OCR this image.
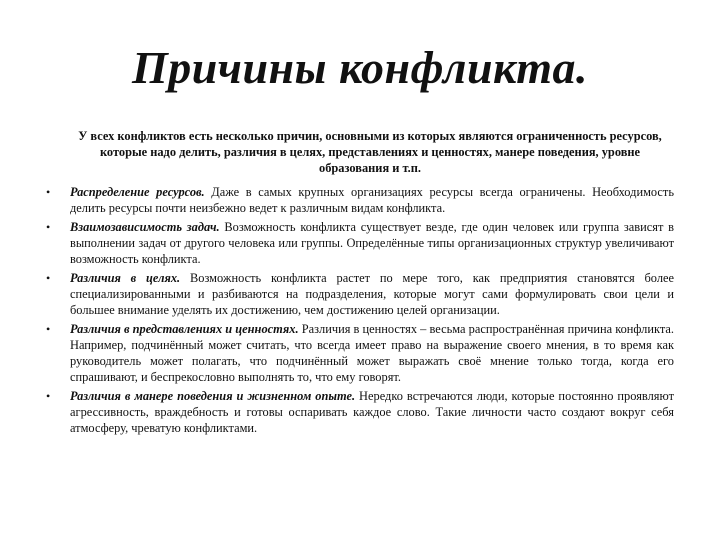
Причины конфликта.
У всех конфликтов есть несколько причин, основными из которых являются ограниченность ресурсов, которые надо делить, различия в целях, представлениях и ценностях, манере поведения, уровне образования и т.п.
•	Распределение ресурсов. Даже в самых крупных организациях ресурсы всегда ограничены. Необходимость делить ресурсы почти неизбежно ведет к различным видам конфликта.
•	Взаимозависимость задач. Возможность конфликта существует везде, где один человек или группа зависят в выполнении задач от другого человека или группы. Определённые типы организационных структур увеличивают возможность конфликта.
•	Различия в целях. Возможность конфликта растет по мере того, как предприятия становятся более специализированными и разбиваются на подразделения, которые могут сами формулировать свои цели и большее внимание уделять их достижению, чем достижению целей организации.
•	Различия в представлениях и ценностях. Различия в ценностях – весьма распространённая причина конфликта. Например, подчинённый может считать, что всегда имеет право на выражение своего мнения, в то время как руководитель может полагать, что подчинённый может выражать своё мнение только тогда, когда его спрашивают, и беспрекословно выполнять то, что ему говорят.
•	Различия в манере поведения и жизненном опыте. Нередко встречаются люди, которые постоянно проявляют агрессивность, враждебность и готовы оспаривать каждое слово. Такие личности часто создают вокруг себя атмосферу, чреватую конфликтами.
